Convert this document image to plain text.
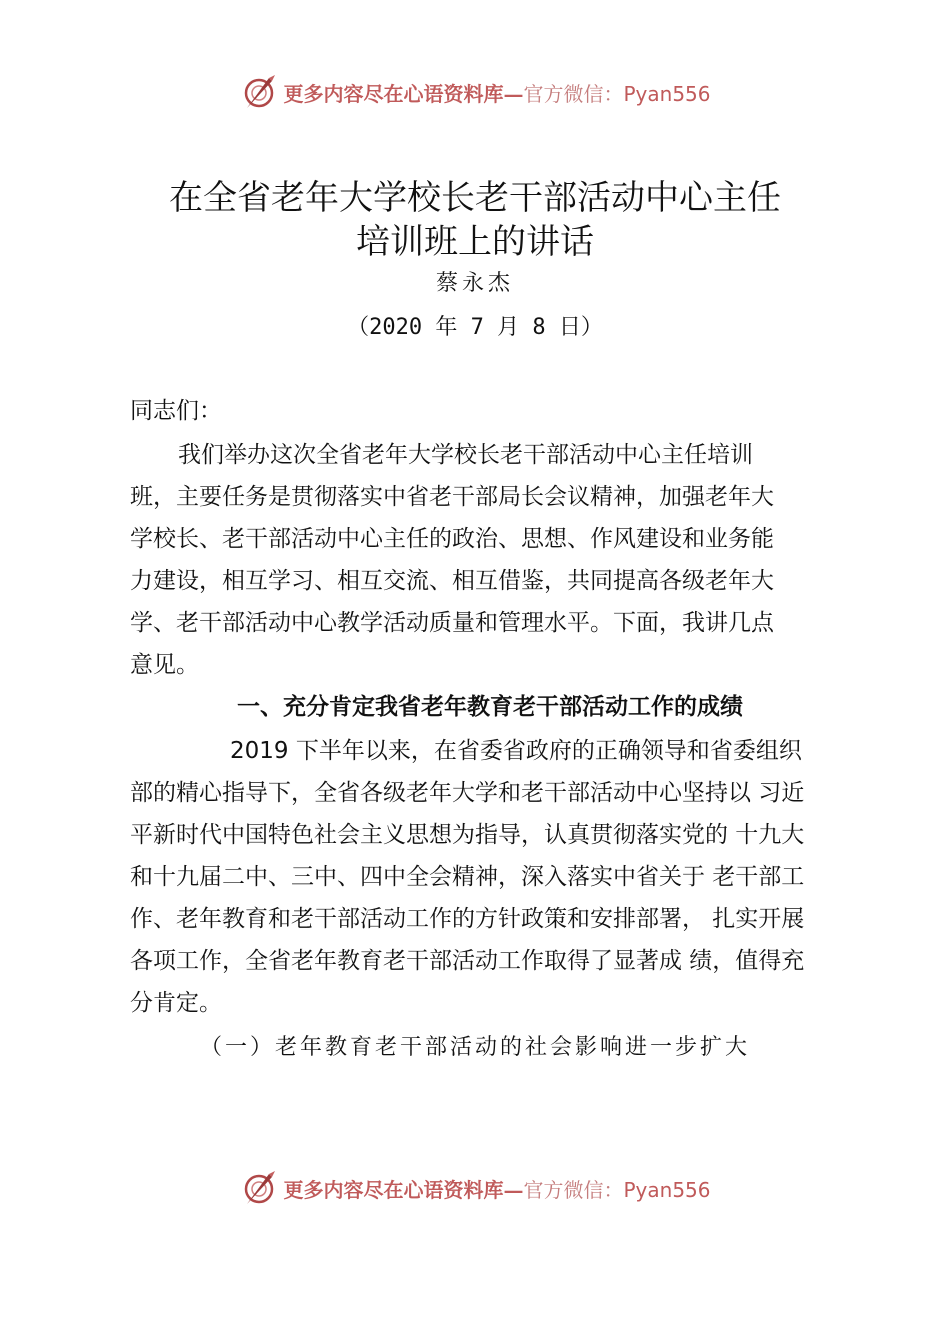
更多内容尽在心语资料库—官方微信：Pyan556
在全省老年大学校长老干部活动中心主任
培训班上的讲话
蔡永杰
（2020 年 7 月 8 日）
同志们：
我们举办这次全省老年大学校长老干部活动中心主任培训
班，主要任务是贯彻落实中省老干部局长会议精神，加强老年大
学校长、老干部活动中心主任的政治、思想、作风建设和业务能
力建设，相互学习、相互交流、相互借鉴，共同提高各级老年大
学、老干部活动中心教学活动质量和管理水平。下面，我讲几点
意见。
一、充分肯定我省老年教育老干部活动工作的成绩
2019 下半年以来，在省委省政府的正确领导和省委组织
部的精心指导下，全省各级老年大学和老干部活动中心坚持以 习近
平新时代中国特色社会主义思想为指导，认真贯彻落实党的 十九大
和十九届二中、三中、四中全会精神，深入落实中省关于 老干部工
作、老年教育和老干部活动工作的方针政策和安排部署， 扎实开展
各项工作，全省老年教育老干部活动工作取得了显著成 绩，值得充
分肯定。
（一）老年教育老干部活动的社会影响进一步扩大
更多内容尽在心语资料库—官方微信：Pyan556
